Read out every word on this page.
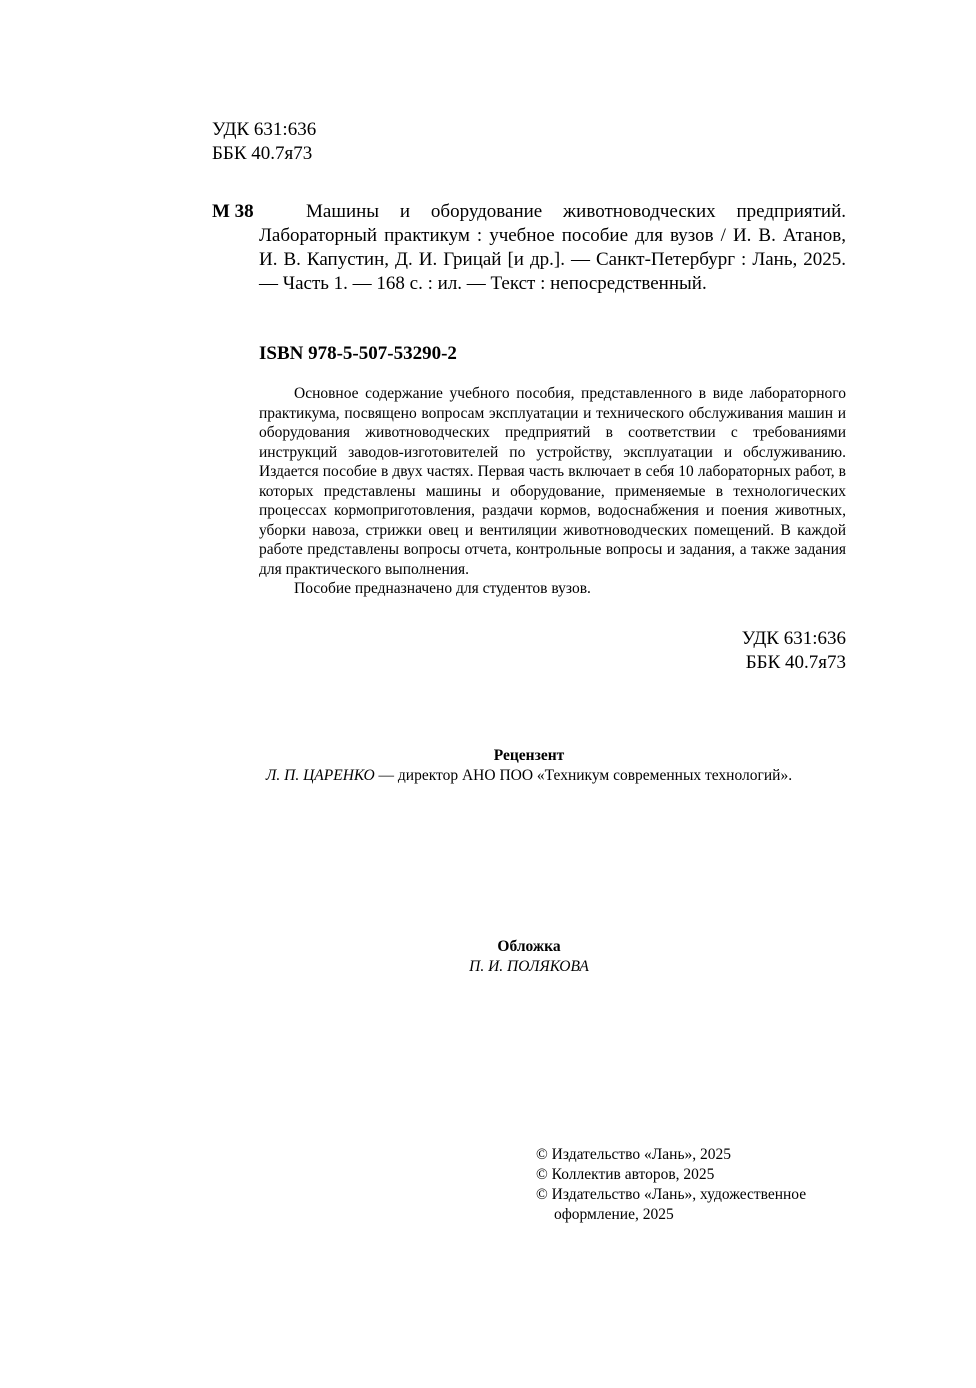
УДК 631:636
ББК 40.7я73
М 38	Машины и оборудование животноводческих предприятий. Лабораторный практикум : учебное пособие для вузов / И. В. Атанов, И. В. Капустин, Д. И. Грицай [и др.]. — Санкт-Петербург : Лань, 2025. — Часть 1. — 168 с. : ил. — Текст : непосредственный.
ISBN 978-5-507-53290-2

Основное содержание учебного пособия, представленного в виде лабораторного практикума, посвящено вопросам эксплуатации и технического обслуживания машин и оборудования животноводческих предприятий в соответствии с требованиями инструкций заводов-изготовителей по устройству, эксплуатации и обслуживанию. Издается пособие в двух частях. Первая часть включает в себя 10 лабораторных работ, в которых представлены машины и оборудование, применяемые в технологических процессах кормоприготовления, раздачи кормов, водоснабжения и поения животных, уборки навоза, стрижки овец и вентиляции животноводческих помещений. В каждой работе представлены вопросы отчета, контрольные вопросы и задания, а также задания для практического выполнения.

Пособие предназначено для студентов вузов.

УДК 631:636
ББК 40.7я73
Рецензент
Л. П. ЦАРЕНКО — директор АНО ПОО «Техникум современных технологий».
Обложка
П. И. ПОЛЯКОВА
© Издательство «Лань», 2025
© Коллектив авторов, 2025
© Издательство «Лань», художественное
оформление, 2025
